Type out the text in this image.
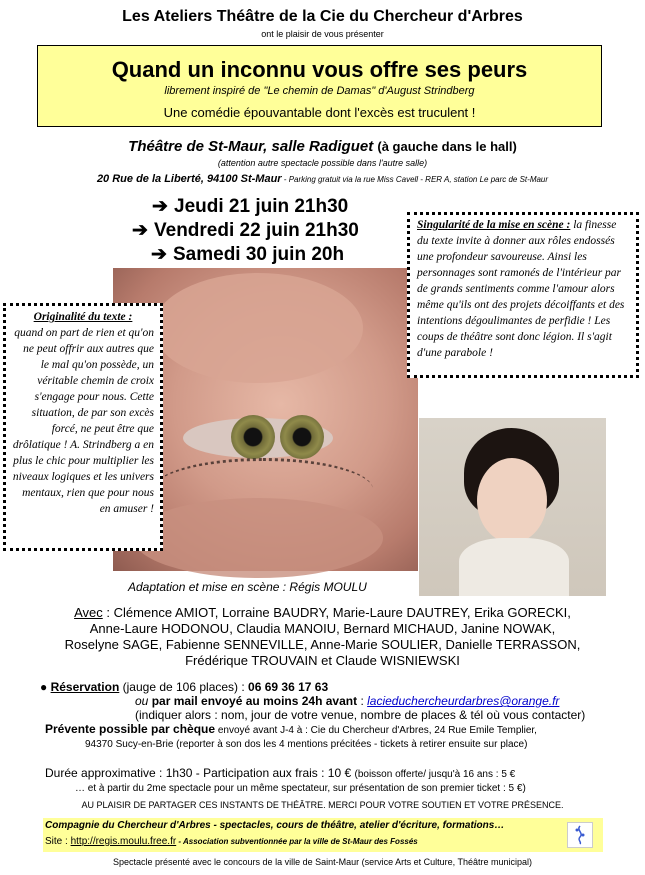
Les Ateliers Théâtre de la Cie du Chercheur d'Arbres
ont le plaisir de vous présenter
Quand un inconnu vous offre ses peurs
librement inspiré de "Le chemin de Damas" d'August Strindberg
Une comédie épouvantable dont l'excès est truculent !
Théâtre de St-Maur, salle Radiguet (à gauche dans le hall)
(attention autre spectacle possible dans l'autre salle)
20 Rue de la Liberté, 94100 St-Maur - Parking gratuit via la rue Miss Cavell - RER A, station Le parc de St-Maur
➔ Jeudi 21 juin 21h30
➔ Vendredi 22 juin 21h30
➔ Samedi 30 juin 20h
Originalité du texte :
quand on part de rien et qu'on ne peut offrir aux autres que le mal qu'on possède, un véritable chemin de croix s'engage pour nous. Cette situation, de par son excès forcé, ne peut être que drôlatique ! A. Strindberg a en plus le chic pour multiplier les niveaux logiques et les univers mentaux, rien que pour nous en amuser !
Singularité de la mise en scène : la finesse du texte invite à donner aux rôles endossés une profondeur savoureuse. Ainsi les personnages sont ramonés de l'intérieur par de grands sentiments comme l'amour alors même qu'ils ont des projets décoiffants et des intentions dégoulimantes de perfidie ! Les coups de théâtre sont donc légion. Il s'agit d'une parabole !
Adaptation et mise en scène : Régis MOULU
Avec : Clémence AMIOT, Lorraine BAUDRY, Marie-Laure DAUTREY, Erika GORECKI,
Anne-Laure HODONOU, Claudia MANOIU, Bernard MICHAUD, Janine NOWAK,
Roselyne SAGE, Fabienne SENNEVILLE, Anne-Marie SOULIER, Danielle TERRASSON,
Frédérique TROUVAIN et Claude WISNIEWSKI
● Réservation (jauge de 106 places) : 06 69 36 17 63
ou par mail envoyé au moins 24h avant : lacieduchercheurdarbres@orange.fr
(indiquer alors : nom, jour de votre venue, nombre de places & tél où vous contacter)
Prévente possible par chèque envoyé avant J-4 à : Cie du Chercheur d'Arbres, 24 Rue Emile Templier,
94370 Sucy-en-Brie (reporter à son dos les 4 mentions précitées - tickets à retirer ensuite sur place)
Durée approximative : 1h30 - Participation aux frais : 10 € (boisson offerte/ jusqu'à 16 ans : 5 €
… et à partir du 2me spectacle pour un même spectateur, sur présentation de son premier ticket : 5 €)
AU PLAISIR DE PARTAGER CES INSTANTS DE THÉÂTRE. MERCI POUR VOTRE SOUTIEN ET VOTRE PRÉSENCE.
Compagnie du Chercheur d'Arbres - spectacles, cours de théâtre, atelier d'écriture, formations…
Site : http://regis.moulu.free.fr - Association subventionnée par la ville de St-Maur des Fossés
Spectacle présenté avec le concours de la ville de Saint-Maur (service Arts et Culture, Théâtre municipal)
